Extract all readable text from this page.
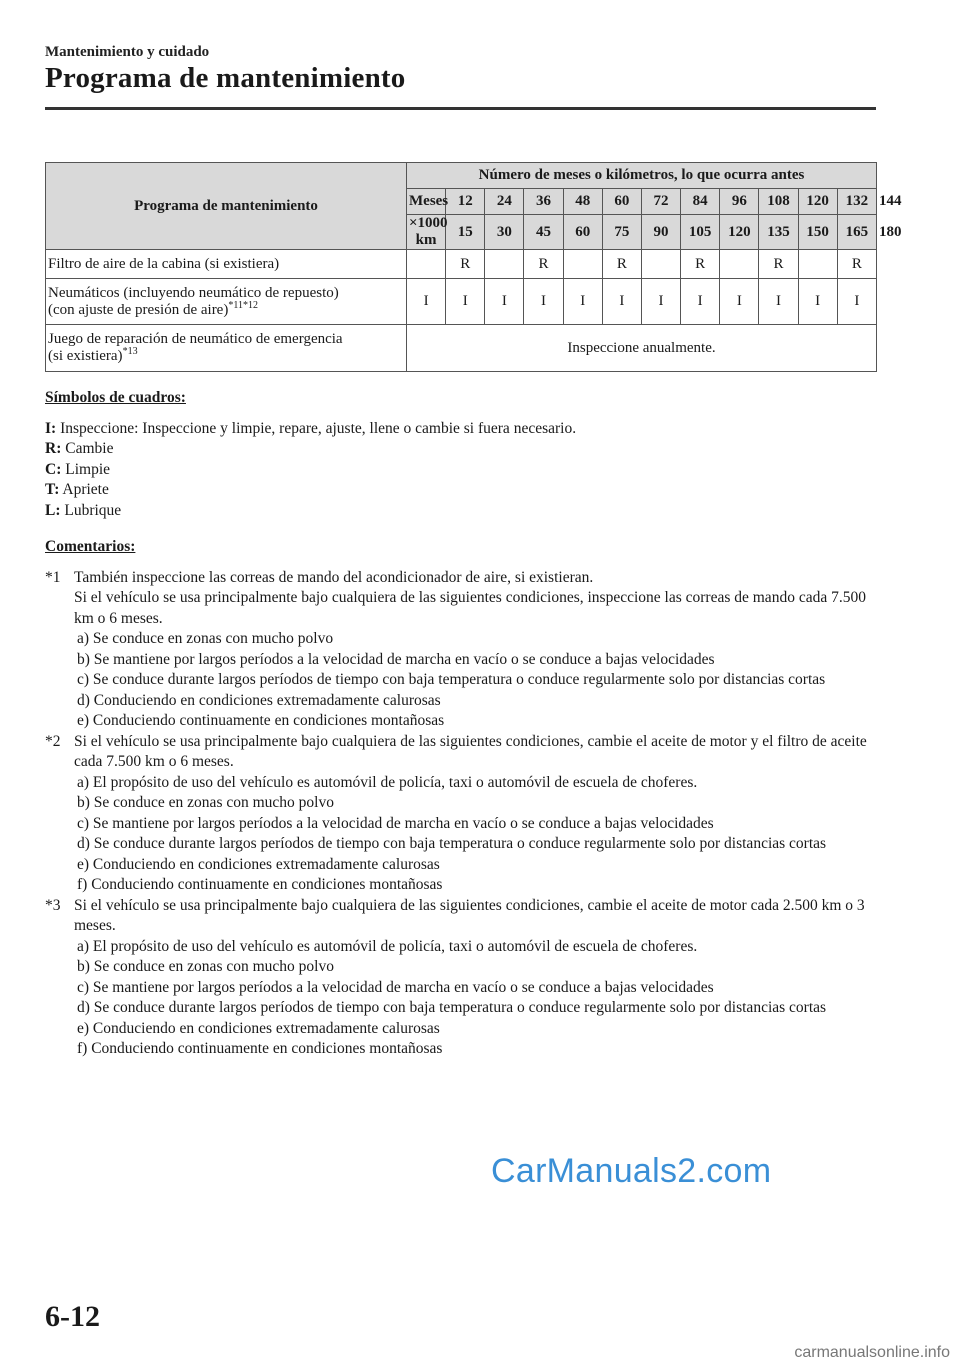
Mantenimiento y cuidado
Programa de mantenimiento
Programa de mantenimiento	Número de meses o kilómetros, lo que ocurra antes												
	Meses	12	24	36	48	60	72	84	96	108	120	132	144
	×1000 km	15	30	45	60	75	90	105	120	135	150	165	180
Filtro de aire de la cabina (si existiera)		R		R		R		R		R		R	
Neumáticos (incluyendo neumático de repuesto)
(con ajuste de presión de aire)$^{*11*12}$	I	I	I	I	I	I	I	I	I	I	I	I	
Juego de reparación de neumático de emergencia
(si existiera)$^{*13}$	Inspeccione anualmente.												

Símbolos de cuadros:

I: Inspeccione: Inspeccione y limpie, repare, ajuste, llene o cambie si fuera necesario.

R: Cambie

C: Limpie

T: Apriete

L: Lubrique

Comentarios:

*1 También inspeccione las correas de mando del acondicionador de aire, si existieran.
Si el vehículo se usa principalmente bajo cualquiera de las siguientes condiciones, inspeccione las correas de mando cada 7.500 km o 6 meses.
a) Se conduce en zonas con mucho polvo
b) Se mantiene por largos períodos a la velocidad de marcha en vacío o se conduce a bajas velocidades
c) Se conduce durante largos períodos de tiempo con baja temperatura o conduce regularmente solo por distancias cortas
d) Conduciendo en condiciones extremadamente calurosas
e) Conduciendo continuamente en condiciones montañosas
*2 Si el vehículo se usa principalmente bajo cualquiera de las siguientes condiciones, cambie el aceite de motor y el filtro de aceite cada 7.500 km o 6 meses.
a) El propósito de uso del vehículo es automóvil de policía, taxi o automóvil de escuela de choferes.
b) Se conduce en zonas con mucho polvo
c) Se mantiene por largos períodos a la velocidad de marcha en vacío o se conduce a bajas velocidades
d) Se conduce durante largos períodos de tiempo con baja temperatura o conduce regularmente solo por distancias cortas
e) Conduciendo en condiciones extremadamente calurosas
f) Conduciendo continuamente en condiciones montañosas
*3 Si el vehículo se usa principalmente bajo cualquiera de las siguientes condiciones, cambie el aceite de motor cada 2.500 km o 3 meses.
a) El propósito de uso del vehículo es automóvil de policía, taxi o automóvil de escuela de choferes.
b) Se conduce en zonas con mucho polvo
c) Se mantiene por largos períodos a la velocidad de marcha en vacío o se conduce a bajas velocidades
d) Se conduce durante largos períodos de tiempo con baja temperatura o conduce regularmente solo por distancias cortas
e) Conduciendo en condiciones extremadamente calurosas
f) Conduciendo continuamente en condiciones montañosas
CarManuals2.com
6-12
carmanualsonline.info
